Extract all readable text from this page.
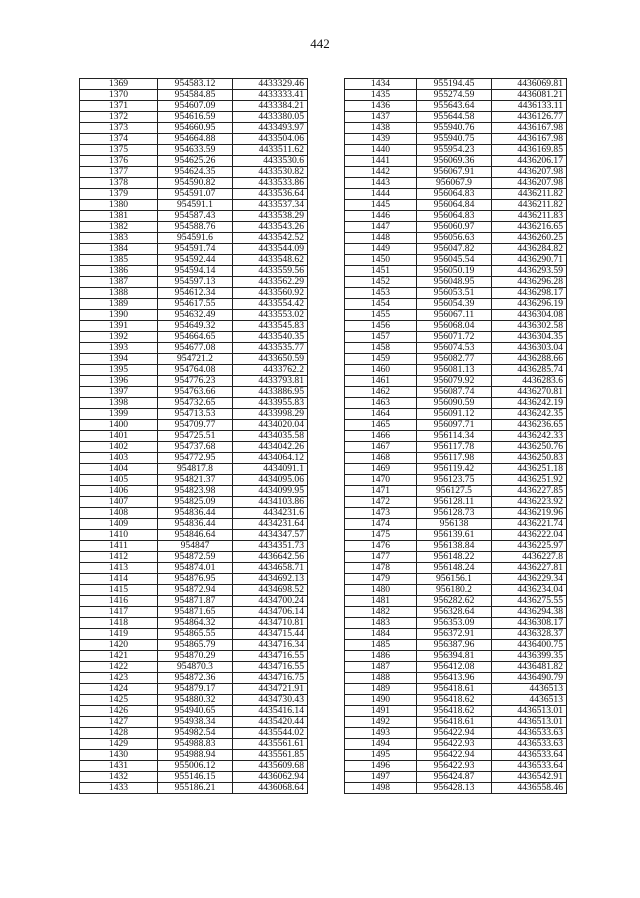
442
1369	954583.12	4433329.46
1370	954584.85	4433333.41
1371	954607.09	4433384.21
1372	954616.59	4433380.05
1373	954660.95	4433493.97
1374	954664.88	4433504.06
1375	954633.59	4433511.62
1376	954625.26	4433530.6
1377	954624.35	4433530.82
1378	954590.82	4433533.86
1379	954591.07	4433536.64
1380	954591.1	4433537.34
1381	954587.43	4433538.29
1382	954588.76	4433543.26
1383	954591.6	4433542.52
1384	954591.74	4433544.09
1385	954592.44	4433548.62
1386	954594.14	4433559.56
1387	954597.13	4433562.29
1388	954612.34	4433560.92
1389	954617.55	4433554.42
1390	954632.49	4433553.02
1391	954649.32	4433545.83
1392	954664.65	4433540.35
1393	954677.08	4433535.77
1394	954721.2	4433650.59
1395	954764.08	4433762.2
1396	954776.23	4433793.81
1397	954763.66	4433886.95
1398	954732.65	4433955.83
1399	954713.53	4433998.29
1400	954709.77	4434020.04
1401	954725.51	4434035.58
1402	954737.68	4434042.26
1403	954772.95	4434064.12
1404	954817.8	4434091.1
1405	954821.37	4434095.06
1406	954823.98	4434099.95
1407	954825.09	4434103.86
1408	954836.44	4434231.6
1409	954836.44	4434231.64
1410	954846.64	4434347.57
1411	954847	4434351.73
1412	954872.59	4436642.56
1413	954874.01	4434658.71
1414	954876.95	4434692.13
1415	954872.94	4434698.52
1416	954871.87	4434700.24
1417	954871.65	4434706.14
1418	954864.32	4434710.81
1419	954865.55	4434715.44
1420	954865.79	4434716.34
1421	954870.29	4434716.55
1422	954870.3	4434716.55
1423	954872.36	4434716.75
1424	954879.17	4434721.91
1425	954880.32	4434730.43
1426	954940.65	4435416.14
1427	954938.34	4435420.44
1428	954982.54	4435544.02
1429	954988.83	4435561.61
1430	954988.94	4435561.85
1431	955006.12	4435609.68
1432	955146.15	4436062.94
1433	955186.21	4436068.64
1434	955194.45	4436069.81
1435	955274.59	4436081.21
1436	955643.64	4436133.11
1437	955644.58	4436126.77
1438	955940.76	4436167.98
1439	955940.75	4436167.98
1440	955954.23	4436169.85
1441	956069.36	4436206.17
1442	956067.91	4436207.98
1443	956067.9	4436207.98
1444	956064.83	4436211.82
1445	956064.84	4436211.82
1446	956064.83	4436211.83
1447	956060.97	4436216.65
1448	956056.63	4436260.25
1449	956047.82	4436284.82
1450	956045.54	4436290.71
1451	956050.19	4436293.59
1452	956048.95	4436296.28
1453	956053.51	4436298.17
1454	956054.39	4436296.19
1455	956067.11	4436304.08
1456	956068.04	4436302.58
1457	956071.72	4436304.35
1458	956074.53	4436303.04
1459	956082.77	4436288.66
1460	956081.13	4436285.74
1461	956079.92	4436283.6
1462	956087.74	4436270.81
1463	956090.59	4436242.19
1464	956091.12	4436242.35
1465	956097.71	4436236.65
1466	956114.34	4436242.33
1467	956117.78	4436250.76
1468	956117.98	4436250.83
1469	956119.42	4436251.18
1470	956123.75	4436251.92
1471	956127.5	4436227.85
1472	956128.11	4436223.92
1473	956128.73	4436219.96
1474	956138	4436221.74
1475	956139.61	4436222.04
1476	956138.84	4436225.97
1477	956148.22	4436227.8
1478	956148.24	4436227.81
1479	956156.1	4436229.34
1480	956180.2	4436234.04
1481	956282.62	4436275.55
1482	956328.64	4436294.38
1483	956353.09	4436308.17
1484	956372.91	4436328.37
1485	956387.96	4436400.75
1486	956394.81	4436399.35
1487	956412.08	4436481.82
1488	956413.96	4436490.79
1489	956418.61	4436513
1490	956418.62	4436513
1491	956418.62	4436513.01
1492	956418.61	4436513.01
1493	956422.94	4436533.63
1494	956422.93	4436533.63
1495	956422.94	4436533.64
1496	956422.93	4436533.64
1497	956424.87	4436542.91
1498	956428.13	4436558.46
